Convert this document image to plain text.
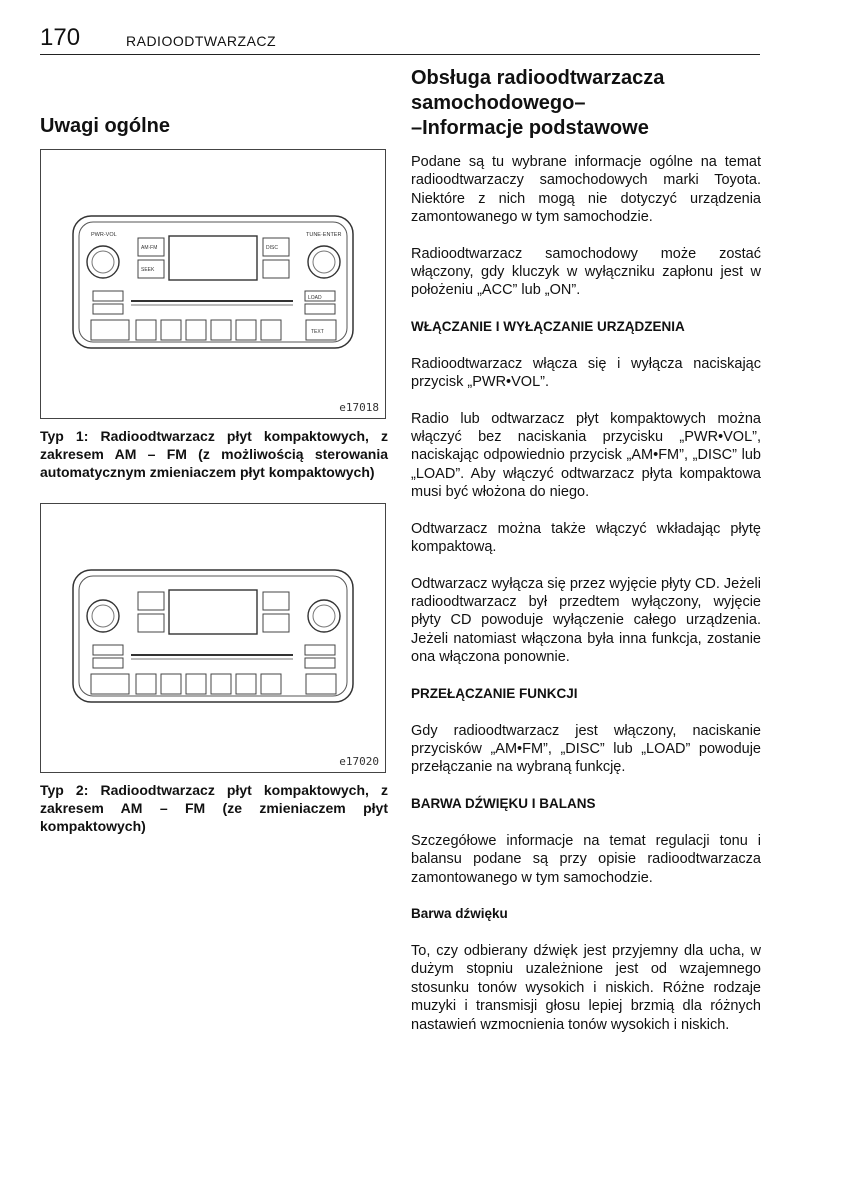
170	RADIOODTWARZACZ
Uwagi ogólne
PWR-VOL	TUNE·ENTER
AM·FM
SEEK
DISC
LOAD
TEXT
e17018

Typ 1: Radioodtwarzacz płyt kompaktowych, z zakresem AM – FM (z możliwością sterowania automatycznym zmieniaczem płyt kompaktowych)

e17020

Typ 2: Radioodtwarzacz płyt kompaktowych, z zakresem AM – FM (ze zmieniaczem płyt kompaktowych)

Obsługa radioodtwarzacza
samochodowego–
–Informacje podstawowe

Podane są tu wybrane informacje ogólne na temat radioodtwarzaczy samochodowych marki Toyota. Niektóre z nich mogą nie dotyczyć urządzenia zamontowanego w tym samochodzie.

Radioodtwarzacz samochodowy może zostać włączony, gdy kluczyk w wyłączniku zapłonu jest w położeniu „ACC” lub „ON”.

WŁĄCZANIE I WYŁĄCZANIE URZĄDZENIA

Radioodtwarzacz włącza się i wyłącza naciskając przycisk „PWR•VOL”.

Radio lub odtwarzacz płyt kompaktowych można włączyć bez naciskania przycisku „PWR•VOL”, naciskając odpowiednio przycisk „AM•FM”, „DISC” lub „LOAD”. Aby włączyć odtwarzacz płyta kompaktowa musi być włożona do niego.

Odtwarzacz można także włączyć wkładając płytę kompaktową.

Odtwarzacz wyłącza się przez wyjęcie płyty CD. Jeżeli radioodtwarzacz był przedtem wyłączony, wyjęcie płyty CD powoduje wyłączenie całego urządzenia. Jeżeli natomiast włączona była inna funkcja, zostanie ona włączona ponownie.

PRZEŁĄCZANIE FUNKCJI

Gdy radioodtwarzacz jest włączony, naciskanie przycisków „AM•FM”, „DISC” lub „LOAD” powoduje przełączanie na wybraną funkcję.

BARWA DŹWIĘKU I BALANS

Szczegółowe informacje na temat regulacji tonu i balansu podane są przy opisie radioodtwarzacza zamontowanego w tym samochodzie.

Barwa dźwięku

To, czy odbierany dźwięk jest przyjemny dla ucha, w dużym stopniu uzależnione jest od wzajemnego stosunku tonów wysokich i niskich. Różne rodzaje muzyki i transmisji głosu lepiej brzmią dla różnych nastawień wzmocnienia tonów wysokich i niskich.
